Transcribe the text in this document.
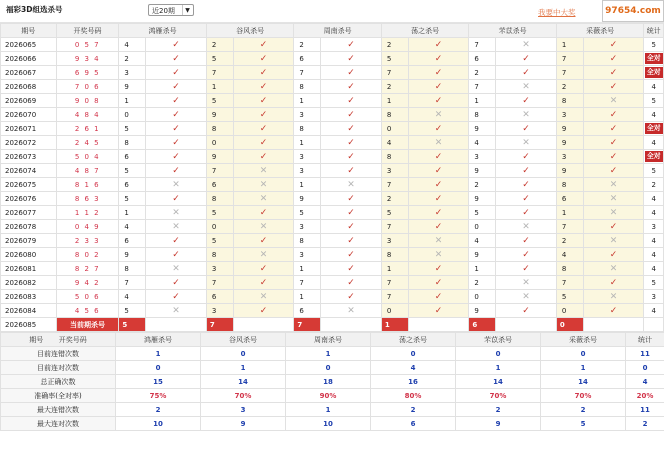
福彩3D组选杀号	近20期	▼	我要中大奖	97654.com
期号	开奖号码	鸿雁杀号		谷风杀号		周南杀号		荡之杀号		芣苡杀号		采薇杀号		统计
2026065	0 5 7	4	✓	2	✓	2	✓	2	✓	7	✕	1	✓	5
2026066	9 3 4	2	✓	5	✓	6	✓	5	✓	6	✓	7	✓	全对
2026067	6 9 5	3	✓	7	✓	7	✓	7	✓	2	✓	7	✓	全对
2026068	7 0 6	9	✓	1	✓	8	✓	2	✓	7	✕	2	✓	4
2026069	9 0 8	1	✓	5	✓	1	✓	1	✓	1	✓	8	✕	5
2026070	4 8 4	0	✓	9	✓	3	✓	8	✕	8	✕	3	✓	4
2026071	2 6 1	5	✓	8	✓	8	✓	0	✓	9	✓	9	✓	全对
2026072	2 4 5	8	✓	0	✓	1	✓	4	✕	4	✕	9	✓	4
2026073	5 0 4	6	✓	9	✓	3	✓	8	✓	3	✓	3	✓	全对
2026074	4 8 7	5	✓	7	✕	3	✓	3	✓	9	✓	9	✓	5
2026075	8 1 6	6	✕	6	✕	1	✕	7	✓	2	✓	8	✕	2
2026076	8 6 3	5	✓	8	✕	9	✓	2	✓	9	✓	6	✕	4
2026077	1 1 2	1	✕	5	✓	5	✓	5	✓	5	✓	1	✕	4
2026078	0 4 9	4	✕	0	✕	3	✓	7	✓	0	✕	7	✓	3
2026079	2 3 3	6	✓	5	✓	8	✓	3	✕	4	✓	2	✕	4
2026080	8 0 2	9	✓	8	✕	3	✓	8	✕	9	✓	4	✓	4
2026081	8 2 7	8	✕	3	✓	1	✓	1	✓	1	✓	8	✕	4
2026082	9 4 2	7	✓	7	✓	7	✓	7	✓	2	✕	7	✓	5
2026083	5 0 6	4	✓	6	✕	1	✓	7	✓	0	✕	5	✕	3
2026084	4 5 6	5	✕	3	✓	6	✕	0	✓	9	✓	0	✓	4
2026085	当前期杀号	5		7		7		1		6		0		
期号 开奖号码	鸿雁杀号	谷风杀号	周南杀号	荡之杀号	芣苡杀号	采薇杀号	统计
目前连错次数	1	0	1	0	0	0	11
目前连对次数	0	1	0	4	1	1	0
总正确次数	15	14	18	16	14	14	4
准确率(全对率)	75%	70%	90%	80%	70%	70%	20%
最大连错次数	2	3	1	2	2	2	11
最大连对次数	10	9	10	6	9	5	2
